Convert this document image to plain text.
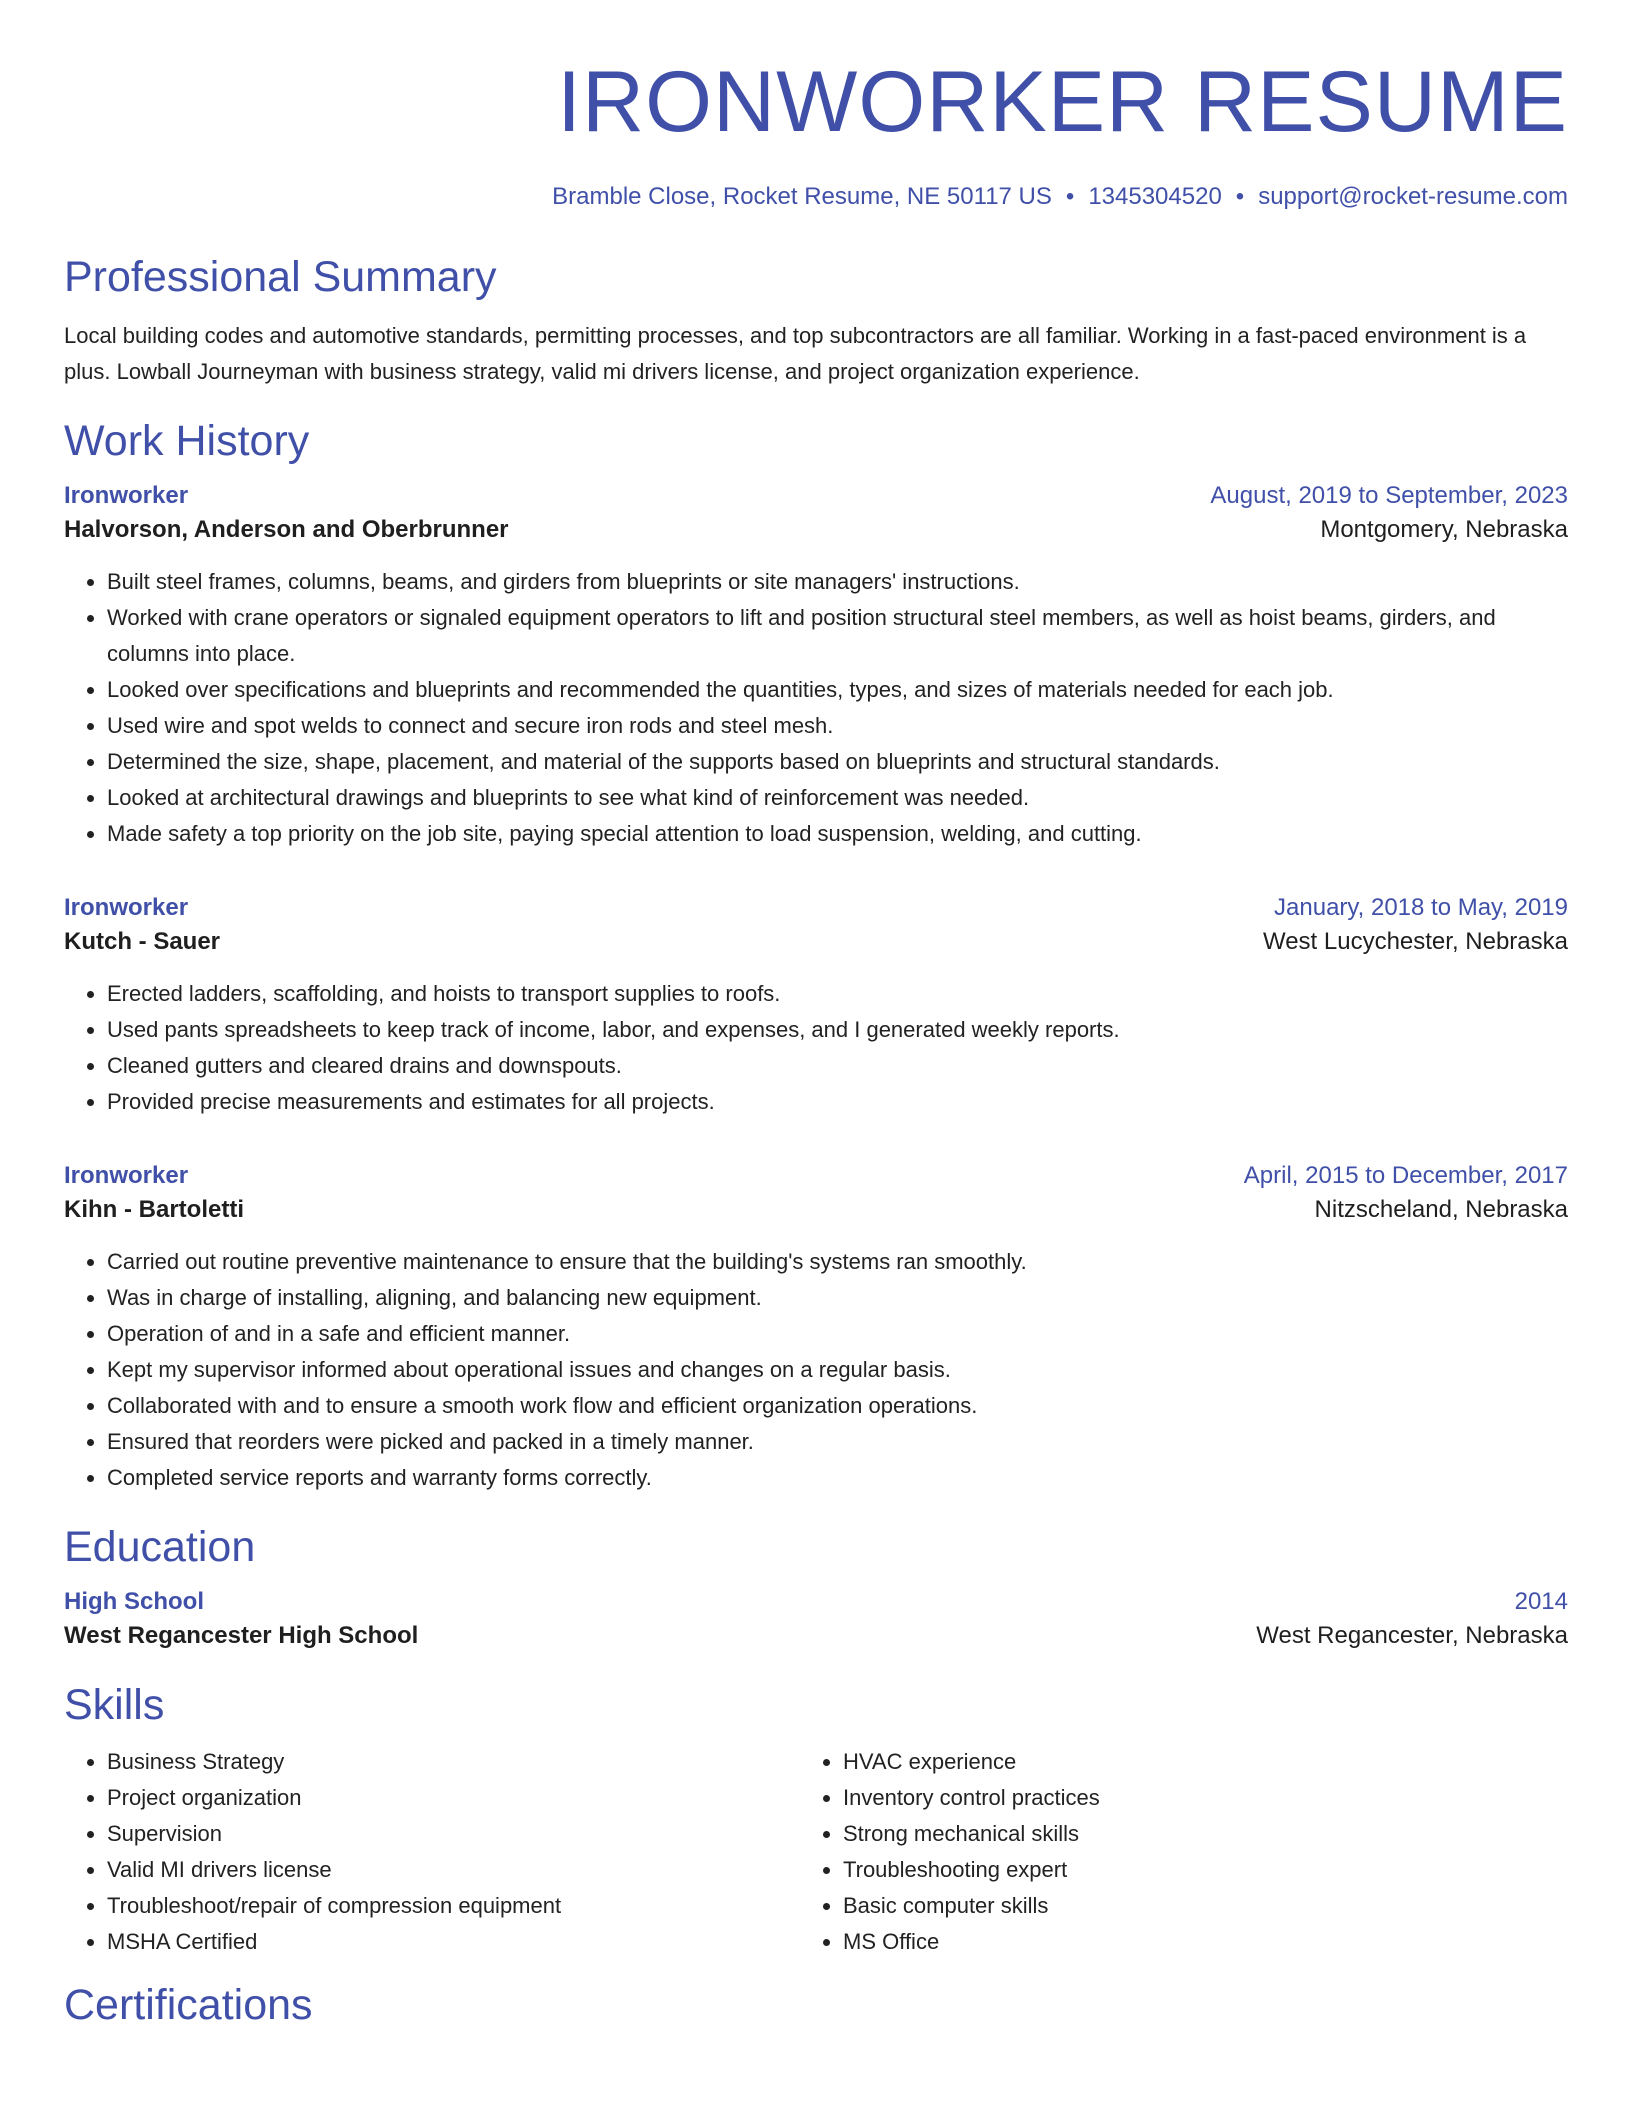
IRONWORKER RESUME
Bramble Close, Rocket Resume, NE 50117 US • 1345304520 • support@rocket-resume.com
Professional Summary
Local building codes and automotive standards, permitting processes, and top subcontractors are all familiar. Working in a fast-paced environment is a plus. Lowball Journeyman with business strategy, valid mi drivers license, and project organization experience.
Work History
Ironworker	August, 2019 to September, 2023
Halvorson, Anderson and Oberbrunner	Montgomery, Nebraska
• Built steel frames, columns, beams, and girders from blueprints or site managers' instructions.
• Worked with crane operators or signaled equipment operators to lift and position structural steel members, as well as hoist beams, girders, and columns into place.
• Looked over specifications and blueprints and recommended the quantities, types, and sizes of materials needed for each job.
• Used wire and spot welds to connect and secure iron rods and steel mesh.
• Determined the size, shape, placement, and material of the supports based on blueprints and structural standards.
• Looked at architectural drawings and blueprints to see what kind of reinforcement was needed.
• Made safety a top priority on the job site, paying special attention to load suspension, welding, and cutting.
Ironworker	January, 2018 to May, 2019
Kutch - Sauer	West Lucychester, Nebraska
• Erected ladders, scaffolding, and hoists to transport supplies to roofs.
• Used pants spreadsheets to keep track of income, labor, and expenses, and I generated weekly reports.
• Cleaned gutters and cleared drains and downspouts.
• Provided precise measurements and estimates for all projects.
Ironworker	April, 2015 to December, 2017
Kihn - Bartoletti	Nitzscheland, Nebraska
• Carried out routine preventive maintenance to ensure that the building's systems ran smoothly.
• Was in charge of installing, aligning, and balancing new equipment.
• Operation of and in a safe and efficient manner.
• Kept my supervisor informed about operational issues and changes on a regular basis.
• Collaborated with and to ensure a smooth work flow and efficient organization operations.
• Ensured that reorders were picked and packed in a timely manner.
• Completed service reports and warranty forms correctly.
Education
High School	2014
West Regancester High School	West Regancester, Nebraska
Skills
• Business Strategy
• Project organization
• Supervision
• Valid MI drivers license
• Troubleshoot/repair of compression equipment
• MSHA Certified
• HVAC experience
• Inventory control practices
• Strong mechanical skills
• Troubleshooting expert
• Basic computer skills
• MS Office
Certifications
